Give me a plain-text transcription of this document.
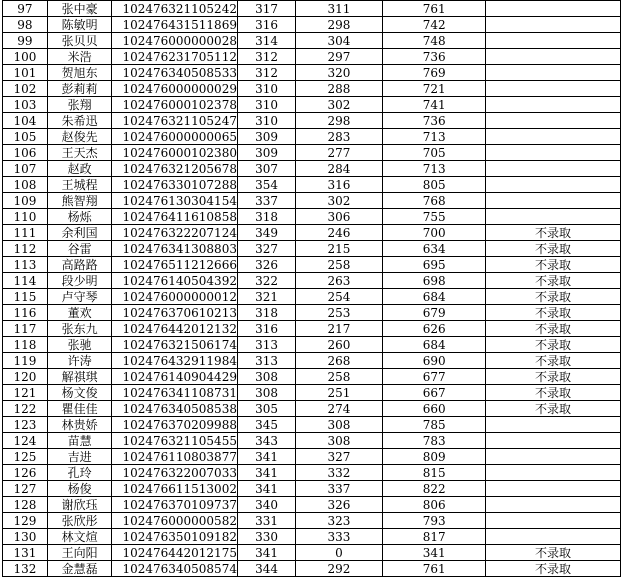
97	张中豪	102476321105242	317	311	761	
98	陈敏明	102476431511869	316	298	742	
99	张贝贝	102476000000028	314	304	748	
100	米浩	102476231705112	312	297	736	
101	贺旭东	102476340508533	312	320	769	
102	彭莉莉	102476000000029	310	288	721	
103	张翔	102476000102378	310	302	741	
104	朱希迅	102476321105247	310	298	736	
105	赵俊先	102476000000065	309	283	713	
106	王天杰	102476000102380	309	277	705	
107	赵政	102476321205678	307	284	713	
108	王城程	102476330107288	354	316	805	
109	熊智翔	102476130304154	337	302	768	
110	杨烁	102476411610858	318	306	755	
111	余利国	102476322207124	349	246	700	不录取
112	谷雷	102476341308803	327	215	634	不录取
113	高路路	102476511212666	326	258	695	不录取
114	段少明	102476140504392	322	263	698	不录取
115	卢守琴	102476000000012	321	254	684	不录取
116	董欢	102476370610213	318	253	679	不录取
117	张东九	102476442012132	316	217	626	不录取
118	张驰	102476321506174	313	260	684	不录取
119	许涛	102476432911984	313	268	690	不录取
120	解祺琪	102476140904429	308	258	677	不录取
121	杨文俊	102476341108731	308	251	667	不录取
122	瞿佳佳	102476340508538	305	274	660	不录取
123	林贵娇	102476370209988	345	308	785	
124	苗慧	102476321105455	343	308	783	
125	吉进	102476110803877	341	327	809	
126	孔玲	102476322007033	341	332	815	
127	杨俊	102476611513002	341	337	822	
128	谢欣珏	102476370109737	340	326	806	
129	张欣彤	102476000000582	331	323	793	
130	林文煊	102476350109182	330	333	817	
131	王向阳	102476442012175	341	0	341	不录取
132	金慧磊	102476340508574	344	292	761	不录取
